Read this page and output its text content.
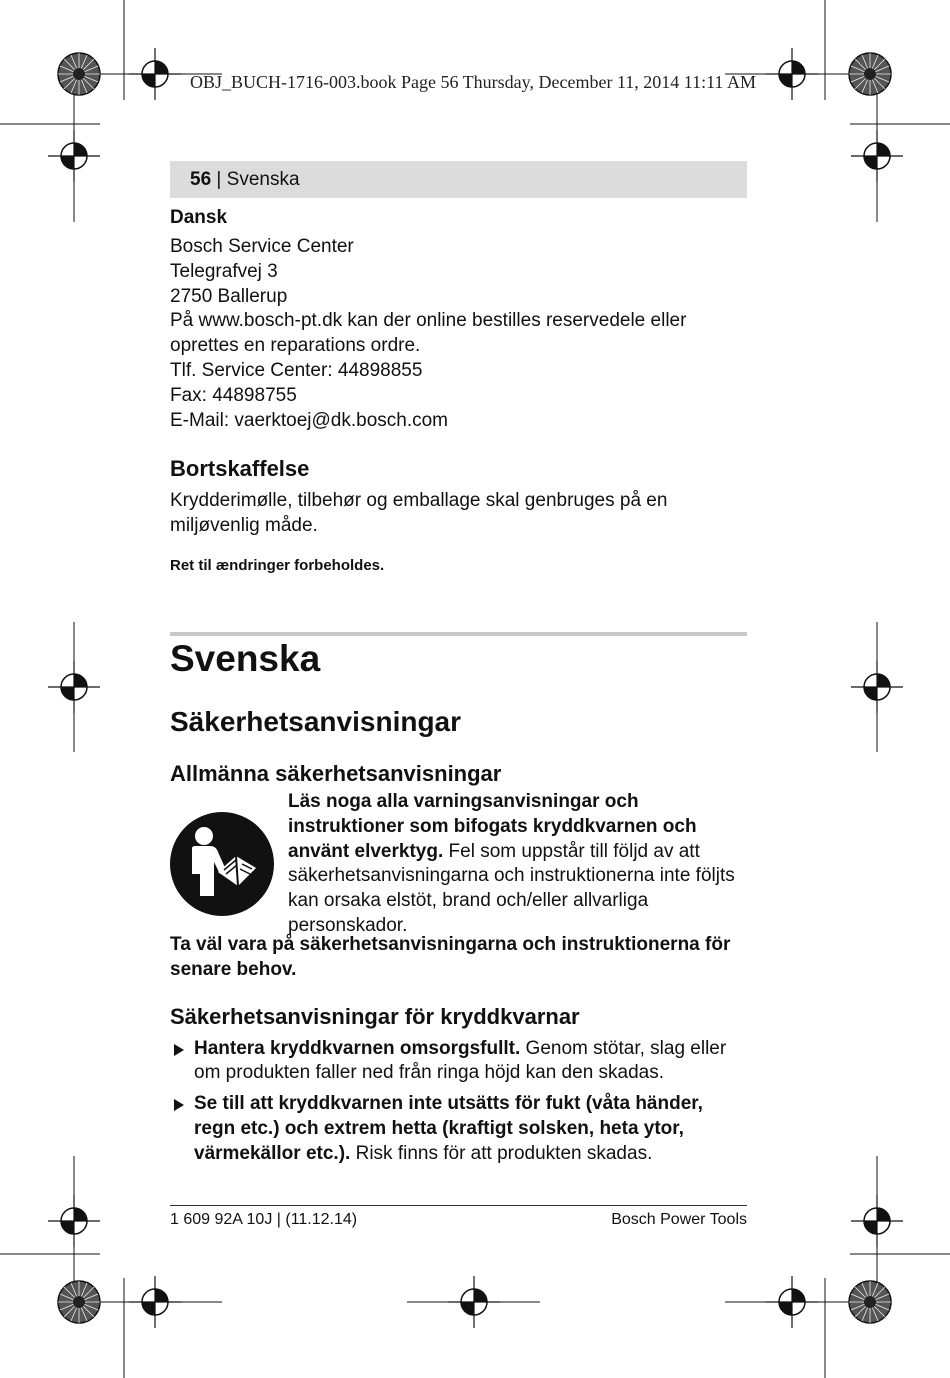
OBJ_BUCH-1716-003.book Page 56 Thursday, December 11, 2014 11:11 AM
56 | Svenska
Dansk
Bosch Service Center
Telegrafvej 3
2750 Ballerup
På www.bosch-pt.dk kan der online bestilles reservedele eller oprettes en reparations ordre.
Tlf. Service Center: 44898855
Fax: 44898755
E-Mail: vaerktoej@dk.bosch.com
Bortskaffelse

Krydderimølle, tilbehør og emballage skal genbruges på en miljøvenlig måde.

Ret til ændringer forbeholdes.

Svenska
Säkerhetsanvisningar
Allmänna säkerhetsanvisningar
Läs noga alla varningsanvisningar och instruktioner som bifogats kryddkvarnen och använt elverktyg. Fel som uppstår till följd av att säkerhetsanvisningarna och instruktionerna inte följts kan orsaka elstöt, brand och/eller allvarliga personskador.

Ta väl vara på säkerhetsanvisningarna och instruktionerna för senare behov.

Säkerhetsanvisningar för kryddkvarnar
Hantera kryddkvarnen omsorgsfullt. Genom stötar, slag eller om produkten faller ned från ringa höjd kan den skadas.
Se till att kryddkvarnen inte utsätts för fukt (våta händer, regn etc.) och extrem hetta (kraftigt solsken, heta ytor, värmekällor etc.). Risk finns för att produkten skadas.
1 609 92A 10J | (11.12.14)	Bosch Power Tools
